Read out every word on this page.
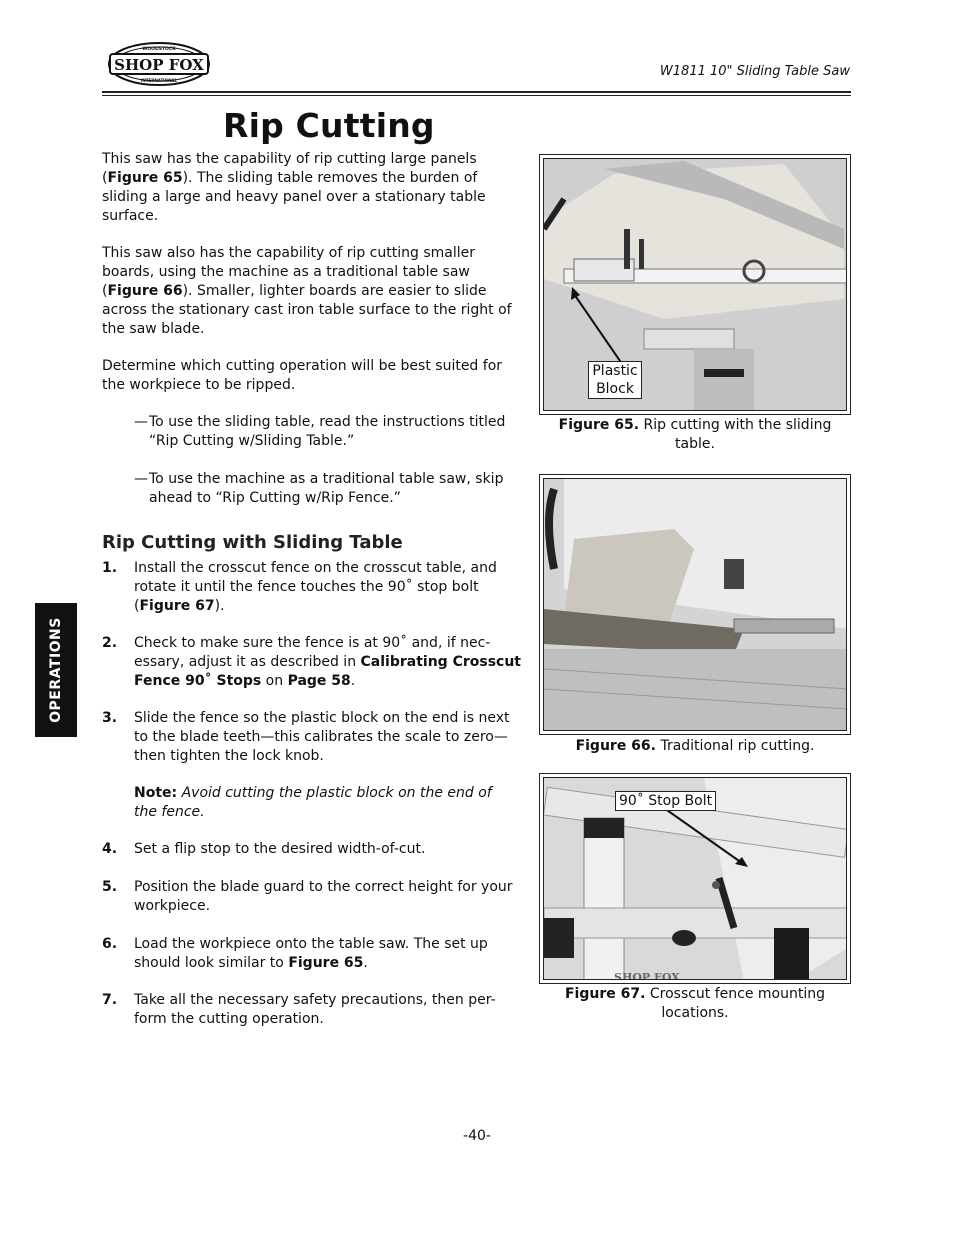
SHOP FOX
WOODSTOCK
INTERNATIONAL
W1811 10" Sliding Table Saw
Rip Cutting

This saw has the capability of rip cutting large panels (Figure 65). The sliding table removes the burden of sliding a large and heavy panel over a stationary table surface.

This saw also has the capability of rip cutting smaller boards, using the machine as a traditional table saw (Figure 66). Smaller, lighter boards are easier to slide across the stationary cast iron table surface to the right of the saw blade.

Determine which cutting operation will be best suited for the workpiece to be ripped.
— To use the sliding table, read the instructions titled “Rip Cutting w/Sliding Table.”
— To use the machine as a traditional table saw, skip ahead to “Rip Cutting w/Rip Fence.”
Rip Cutting with Sliding Table
1. Install the crosscut fence on the crosscut table, and rotate it until the fence touches the 90˚ stop bolt (Figure 67).
2. Check to make sure the fence is at 90˚ and, if nec-essary, adjust it as described in Calibrating Crosscut Fence 90˚ Stops on Page 58.
3. Slide the fence so the plastic block on the end is next to the blade teeth—this calibrates the scale to zero—then tighten the lock knob.
Note: Avoid cutting the plastic block on the end of the fence.
4. Set a flip stop to the desired width-of-cut.
5. Position the blade guard to the correct height for your workpiece.
6. Load the workpiece onto the table saw. The set up should look similar to Figure 65.
7. Take all the necessary safety precautions, then per-form the cutting operation.
Plastic
Block
Figure 65. Rip cutting with the sliding table.
Figure 66. Traditional rip cutting.
SHOP FOX
90˚ Stop Bolt
Figure 67. Crosscut fence mounting locations.
OPERATIONS
-40-
